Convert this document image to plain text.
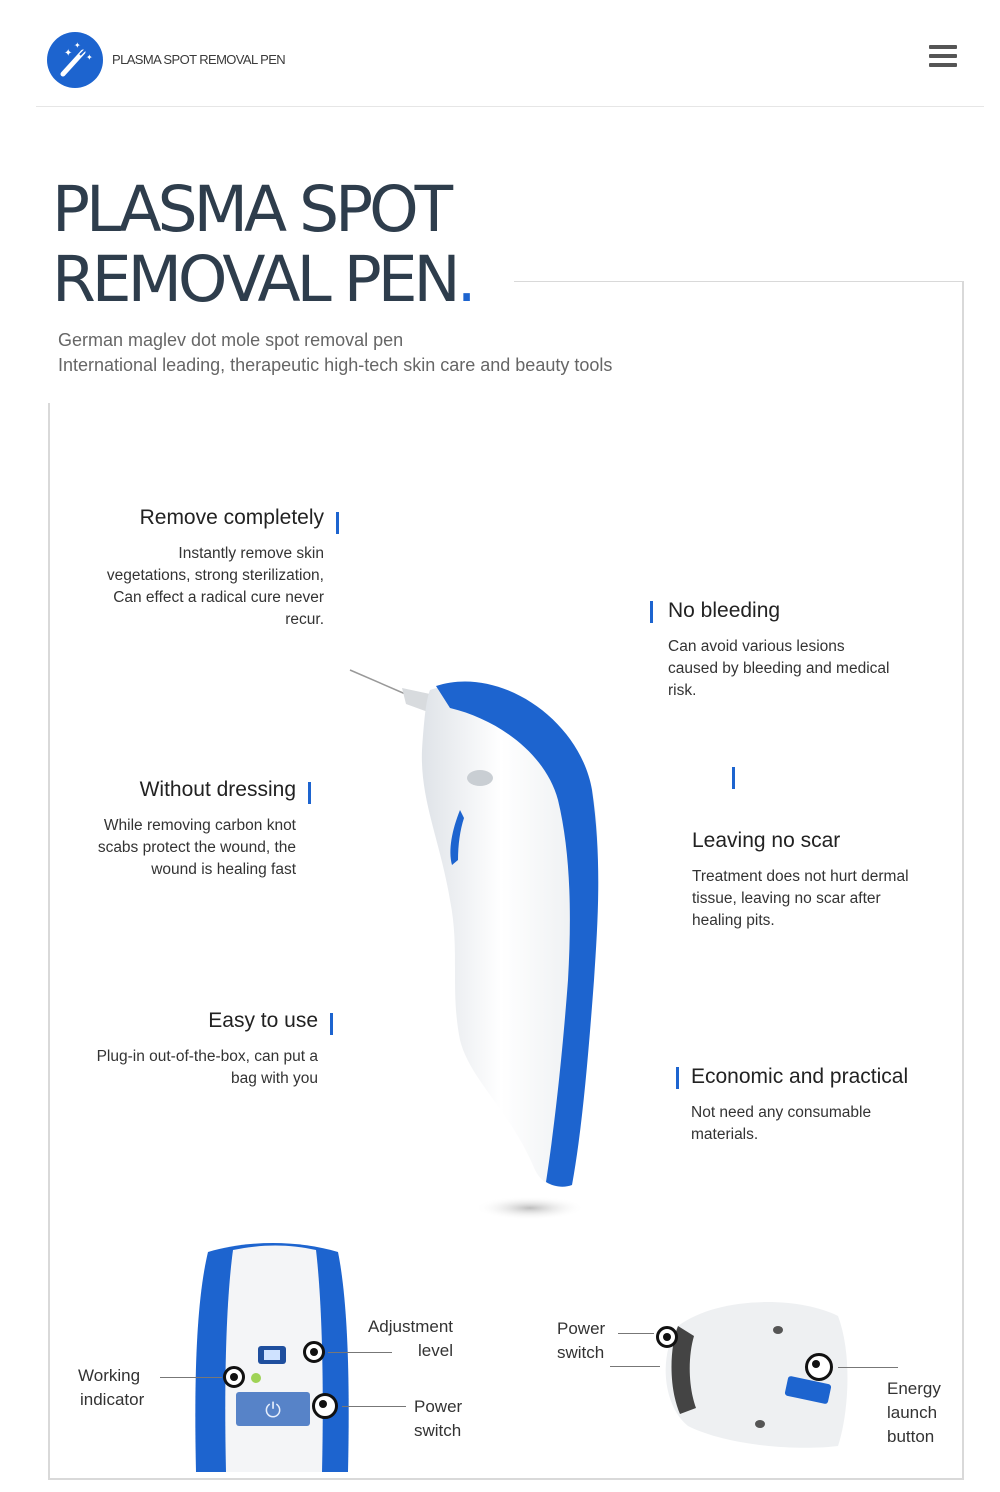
✦
✦
✦ PLASMA SPOT REMOVAL PEN
PLASMA SPOT
REMOVAL PEN.
German maglev dot mole spot removal pen
International leading, therapeutic high-tech skin care and beauty tools
Remove completely

Instantly remove skin
vegetations, strong sterilization,
Can effect a radical cure never
recur.

Without dressing

While removing carbon knot
scabs protect the wound, the
wound is healing fast

Easy to use

Plug-in out-of-the-box, can put a
bag with you

No bleeding

Can avoid various lesions
caused by bleeding and medical
risk.

Leaving no scar

Treatment does not hurt dermal
tissue, leaving no scar after
healing pits.

Economic and practical

Not need any consumable
materials.

⏻
Working
indicator
Adjustment
level
Power
switch
Power
switch
Energy
launch
button
